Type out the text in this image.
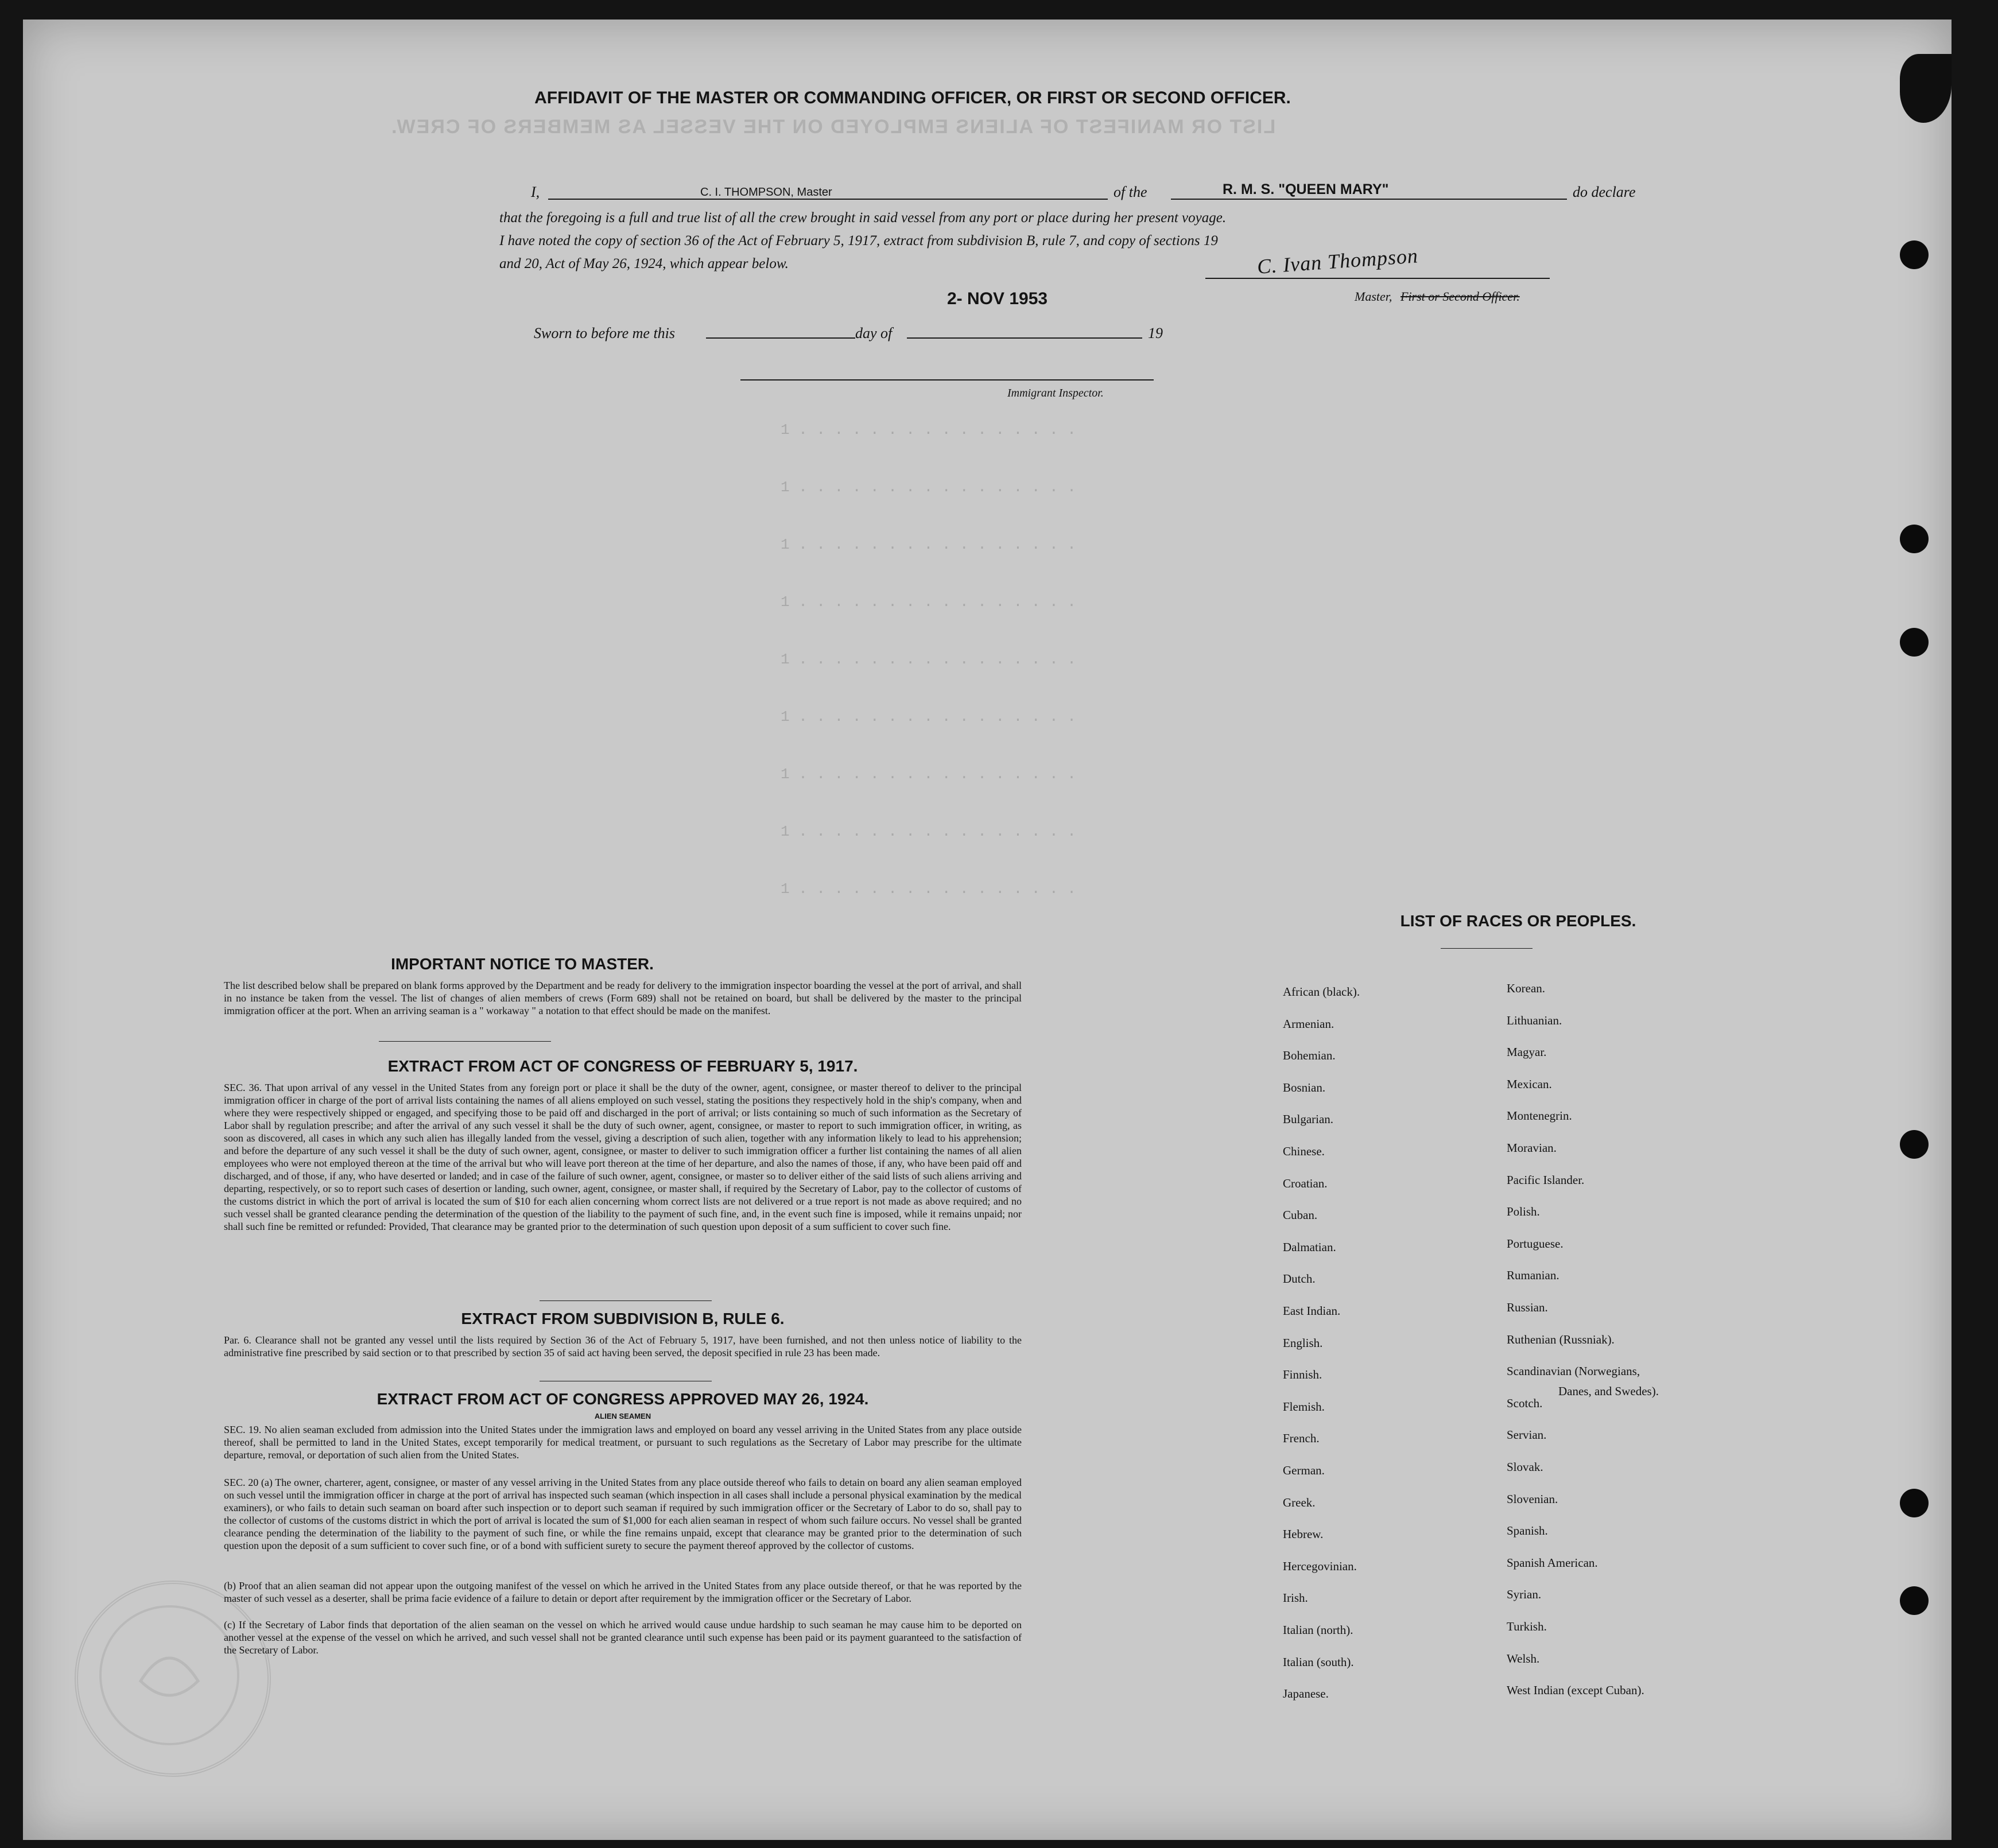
LIST OR MANIFEST OF ALIENS EMPLOYED ON THE VESSEL AS MEMBERS OF CREW.
1 . . . . . . . . . . . . . . . .
1 . . . . . . . . . . . . . . . .
1 . . . . . . . . . . . . . . . .
1 . . . . . . . . . . . . . . . .
1 . . . . . . . . . . . . . . . .
1 . . . . . . . . . . . . . . . .
1 . . . . . . . . . . . . . . . .
1 . . . . . . . . . . . . . . . .
1 . . . . . . . . . . . . . . . .
AFFIDAVIT OF THE MASTER OR COMMANDING OFFICER, OR FIRST OR SECOND OFFICER.
I,	C. I. THOMPSON, Master	of the	R. M. S. "QUEEN MARY"	do declare
that the foregoing is a full and true list of all the crew brought in said vessel from any port or place during her present voyage.
I have noted the copy of section 36 of the Act of February 5, 1917, extract from subdivision B, rule 7, and copy of sections 19
and 20, Act of May 26, 1924, which appear below.	C. Ivan Thompson
Master, First or Second Officer.
2- NOV 1953
Sworn to before me this	day of	19
Immigrant Inspector.
IMPORTANT NOTICE TO MASTER.
The list described below shall be prepared on blank forms approved by the Department and be ready for delivery to the immigration inspector boarding the vessel at the port of arrival, and shall in no instance be taken from the vessel. The list of changes of alien members of crews (Form 689) shall not be retained on board, but shall be delivered by the master to the principal immigration officer at the port. When an arriving seaman is a " workaway " a notation to that effect should be made on the manifest.
EXTRACT FROM ACT OF CONGRESS OF FEBRUARY 5, 1917.
SEC. 36. That upon arrival of any vessel in the United States from any foreign port or place it shall be the duty of the owner, agent, consignee, or master thereof to deliver to the principal immigration officer in charge of the port of arrival lists containing the names of all aliens employed on such vessel, stating the positions they respectively hold in the ship's company, when and where they were respectively shipped or engaged, and specifying those to be paid off and discharged in the port of arrival; or lists containing so much of such information as the Secretary of Labor shall by regulation prescribe; and after the arrival of any such vessel it shall be the duty of such owner, agent, consignee, or master to report to such immigration officer, in writing, as soon as discovered, all cases in which any such alien has illegally landed from the vessel, giving a description of such alien, together with any information likely to lead to his apprehension; and before the departure of any such vessel it shall be the duty of such owner, agent, consignee, or master to deliver to such immigration officer a further list containing the names of all alien employees who were not employed thereon at the time of the arrival but who will leave port thereon at the time of her departure, and also the names of those, if any, who have been paid off and discharged, and of those, if any, who have deserted or landed; and in case of the failure of such owner, agent, consignee, or master so to deliver either of the said lists of such aliens arriving and departing, respectively, or so to report such cases of desertion or landing, such owner, agent, consignee, or master shall, if required by the Secretary of Labor, pay to the collector of customs of the customs district in which the port of arrival is located the sum of $10 for each alien concerning whom correct lists are not delivered or a true report is not made as above required; and no such vessel shall be granted clearance pending the determination of the question of the liability to the payment of such fine, and, in the event such fine is imposed, while it remains unpaid; nor shall such fine be remitted or refunded: Provided, That clearance may be granted prior to the determination of such question upon deposit of a sum sufficient to cover such fine.
EXTRACT FROM SUBDIVISION B, RULE 6.
Par. 6. Clearance shall not be granted any vessel until the lists required by Section 36 of the Act of February 5, 1917, have been furnished, and not then unless notice of liability to the administrative fine prescribed by said section or to that prescribed by section 35 of said act having been served, the deposit specified in rule 23 has been made.
EXTRACT FROM ACT OF CONGRESS APPROVED MAY 26, 1924.
ALIEN SEAMEN
SEC. 19. No alien seaman excluded from admission into the United States under the immigration laws and employed on board any vessel arriving in the United States from any place outside thereof, shall be permitted to land in the United States, except temporarily for medical treatment, or pursuant to such regulations as the Secretary of Labor may prescribe for the ultimate departure, removal, or deportation of such alien from the United States.
SEC. 20 (a) The owner, charterer, agent, consignee, or master of any vessel arriving in the United States from any place outside thereof who fails to detain on board any alien seaman employed on such vessel until the immigration officer in charge at the port of arrival has inspected such seaman (which inspection in all cases shall include a personal physical examination by the medical examiners), or who fails to detain such seaman on board after such inspection or to deport such seaman if required by such immigration officer or the Secretary of Labor to do so, shall pay to the collector of customs of the customs district in which the port of arrival is located the sum of $1,000 for each alien seaman in respect of whom such failure occurs. No vessel shall be granted clearance pending the determination of the liability to the payment of such fine, or while the fine remains unpaid, except that clearance may be granted prior to the determination of such question upon the deposit of a sum sufficient to cover such fine, or of a bond with sufficient surety to secure the payment thereof approved by the collector of customs.
(b) Proof that an alien seaman did not appear upon the outgoing manifest of the vessel on which he arrived in the United States from any place outside thereof, or that he was reported by the master of such vessel as a deserter, shall be prima facie evidence of a failure to detain or deport after requirement by the immigration officer or the Secretary of Labor.
(c) If the Secretary of Labor finds that deportation of the alien seaman on the vessel on which he arrived would cause undue hardship to such seaman he may cause him to be deported on another vessel at the expense of the vessel on which he arrived, and such vessel shall not be granted clearance until such expense has been paid or its payment guaranteed to the satisfaction of the Secretary of Labor.
LIST OF RACES OR PEOPLES.
African (black).
Armenian.
Bohemian.
Bosnian.
Bulgarian.
Chinese.
Croatian.
Cuban.
Dalmatian.
Dutch.
East Indian.
English.
Finnish.
Flemish.
French.
German.
Greek.
Hebrew.
Hercegovinian.
Irish.
Italian (north).
Italian (south).
Japanese.
Korean.
Lithuanian.
Magyar.
Mexican.
Montenegrin.
Moravian.
Pacific Islander.
Polish.
Portuguese.
Rumanian.
Russian.
Ruthenian (Russniak).
Scandinavian (Norwegians,
Scotch.
Servian.
Slovak.
Slovenian.
Spanish.
Spanish American.
Syrian.
Turkish.
Welsh.
West Indian (except Cuban).
Danes, and Swedes).
